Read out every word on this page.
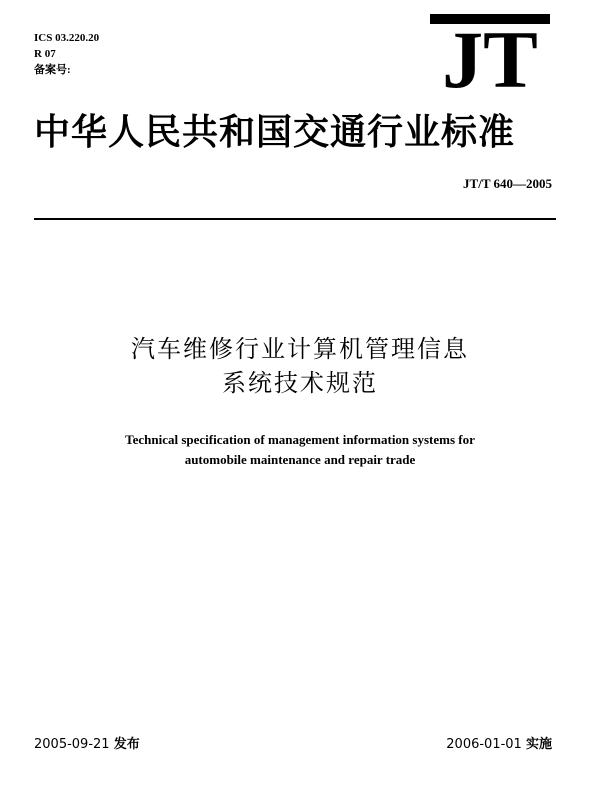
ICS 03.220.20
R 07
备案号:	JT
中华人民共和国交通行业标准
JT/T 640—2005
汽车维修行业计算机管理信息
系统技术规范
Technical specification of management information systems for
automobile maintenance and repair trade
2005-09-21 发布	2006-01-01 实施
